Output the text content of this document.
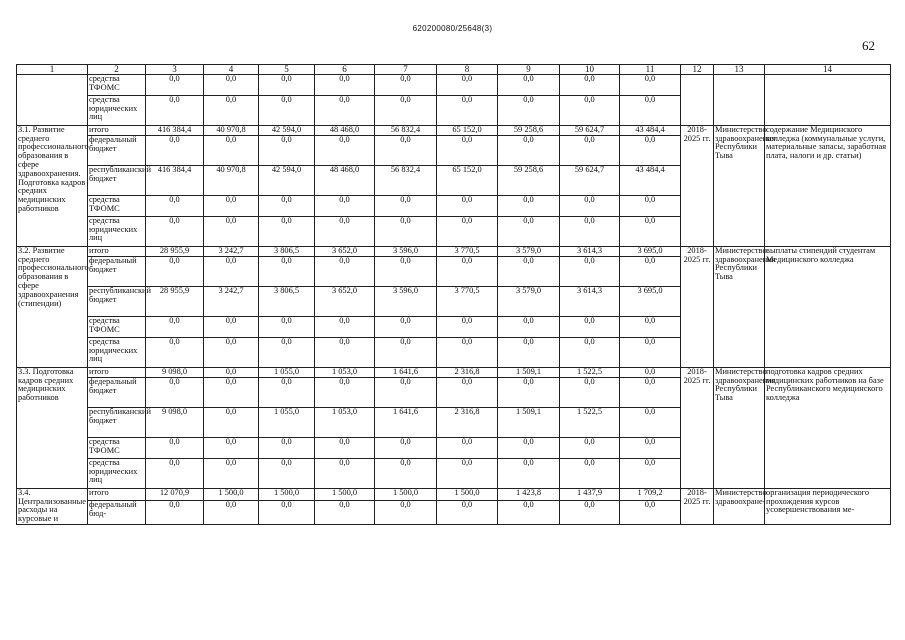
620200080/25648(3)
62
1	2	3	4	5	6	7	8	9	10	11	12	13	14
	средства ТФОМС	0,0	0,0	0,0	0,0	0,0	0,0	0,0	0,0	0,0			
	средства юридических лиц	0,0	0,0	0,0	0,0	0,0	0,0	0,0	0,0	0,0			
3.1. Развитие среднего профессионального образования в сфере здравоохранения. Подготовка кадров средних медицинских работников	итого	416 384,4	40 970,8	42 594,0	48 468,0	56 832,4	65 152,0	59 258,6	59 624,7	43 484,4	2018-2025 гг.	Министерство здравоохранения Республики Тыва	содержание Медицинского колледжа (коммунальные услуги, материальные запасы, заработная плата, налоги и др. статьи)
	федеральный бюджет	0,0	0,0	0,0	0,0	0,0	0,0	0,0	0,0	0,0			
	республиканский бюджет	416 384,4	40 970,8	42 594,0	48 468,0	56 832,4	65 152,0	59 258,6	59 624,7	43 484,4			
	средства ТФОМС	0,0	0,0	0,0	0,0	0,0	0,0	0,0	0,0	0,0			
	средства юридических лиц	0,0	0,0	0,0	0,0	0,0	0,0	0,0	0,0	0,0			
3.2. Развитие среднего профессионального образования в сфере здравоохранения (стипендии)	итого	28 955,9	3 242,7	3 806,5	3 652,0	3 596,0	3 770,5	3 579,0	3 614,3	3 695,0	2018-2025 гг.	Министерство здравоохранения Республики Тыва	выплаты стипендий студентам Медицинского колледжа
	федеральный бюджет	0,0	0,0	0,0	0,0	0,0	0,0	0,0	0,0	0,0			
	республиканский бюджет	28 955,9	3 242,7	3 806,5	3 652,0	3 596,0	3 770,5	3 579,0	3 614,3	3 695,0			
	средства ТФОМС	0,0	0,0	0,0	0,0	0,0	0,0	0,0	0,0	0,0			
	средства юридических лиц	0,0	0,0	0,0	0,0	0,0	0,0	0,0	0,0	0,0			
3.3. Подготовка кадров средних медицинских работников	итого	9 098,0	0,0	1 055,0	1 053,0	1 641,6	2 316,8	1 509,1	1 522,5	0,0	2018-2025 гг.	Министерство здравоохранения Республики Тыва	подготовка кадров средних медицинских работников на базе Республиканского медицинского колледжа
	федеральный бюджет	0,0	0,0	0,0	0,0	0,0	0,0	0,0	0,0	0,0			
	республиканский бюджет	9 098,0	0,0	1 055,0	1 053,0	1 641,6	2 316,8	1 509,1	1 522,5	0,0			
	средства ТФОМС	0,0	0,0	0,0	0,0	0,0	0,0	0,0	0,0	0,0			
	средства юридических лиц	0,0	0,0	0,0	0,0	0,0	0,0	0,0	0,0	0,0			
3.4. Централизованные расходы на курсовые и	итого	12 070,9	1 500,0	1 500,0	1 500,0	1 500,0	1 500,0	1 423,8	1 437,9	1 709,2	2018-2025 гг.	Министерство здравоохране-	организация периодического прохождения курсов усовершенствования ме-
	федеральный бюд-	0,0	0,0	0,0	0,0	0,0	0,0	0,0	0,0	0,0			
